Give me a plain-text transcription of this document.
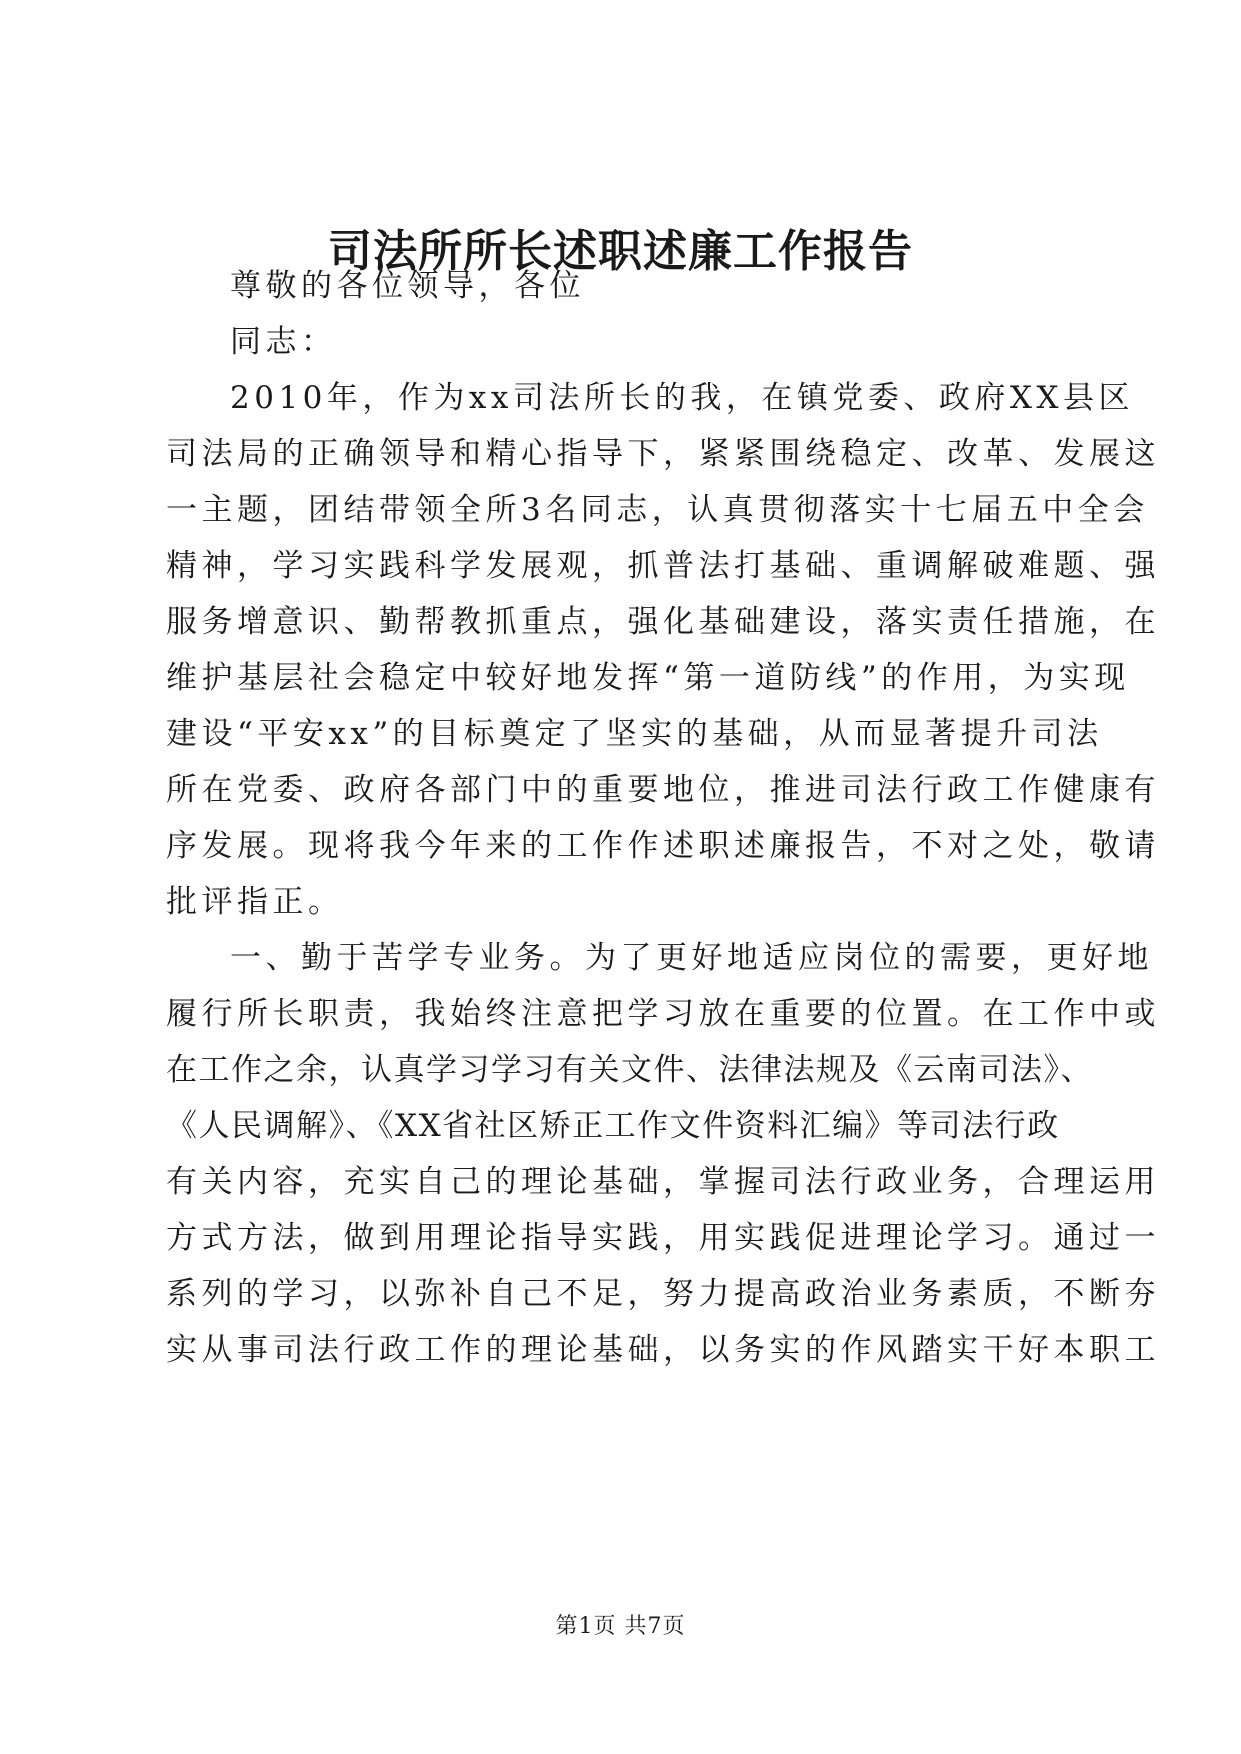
司法所所长述职述廉工作报告
尊敬的各位领导，各位
同志：
2010年，作为xx司法所长的我，在镇党委、政府XX县区
司法局的正确领导和精心指导下，紧紧围绕稳定、改革、发展这
一主题，团结带领全所3名同志，认真贯彻落实十七届五中全会
精神，学习实践科学发展观，抓普法打基础、重调解破难题、强
服务增意识、勤帮教抓重点，强化基础建设，落实责任措施，在
维护基层社会稳定中较好地发挥“第一道防线”的作用，为实现
建设“平安xx”的目标奠定了坚实的基础，从而显著提升司法
所在党委、政府各部门中的重要地位，推进司法行政工作健康有
序发展。现将我今年来的工作作述职述廉报告，不对之处，敬请
批评指正。
一、勤于苦学专业务。为了更好地适应岗位的需要，更好地
履行所长职责，我始终注意把学习放在重要的位置。在工作中或
在工作之余，认真学习学习有关文件、法律法规及《云南司法》、
《人民调解》、《XX省社区矫正工作文件资料汇编》等司法行政
有关内容，充实自己的理论基础，掌握司法行政业务，合理运用
方式方法，做到用理论指导实践，用实践促进理论学习。通过一
系列的学习，以弥补自己不足，努力提高政治业务素质，不断夯
实从事司法行政工作的理论基础，以务实的作风踏实干好本职工
第1页 共7页
